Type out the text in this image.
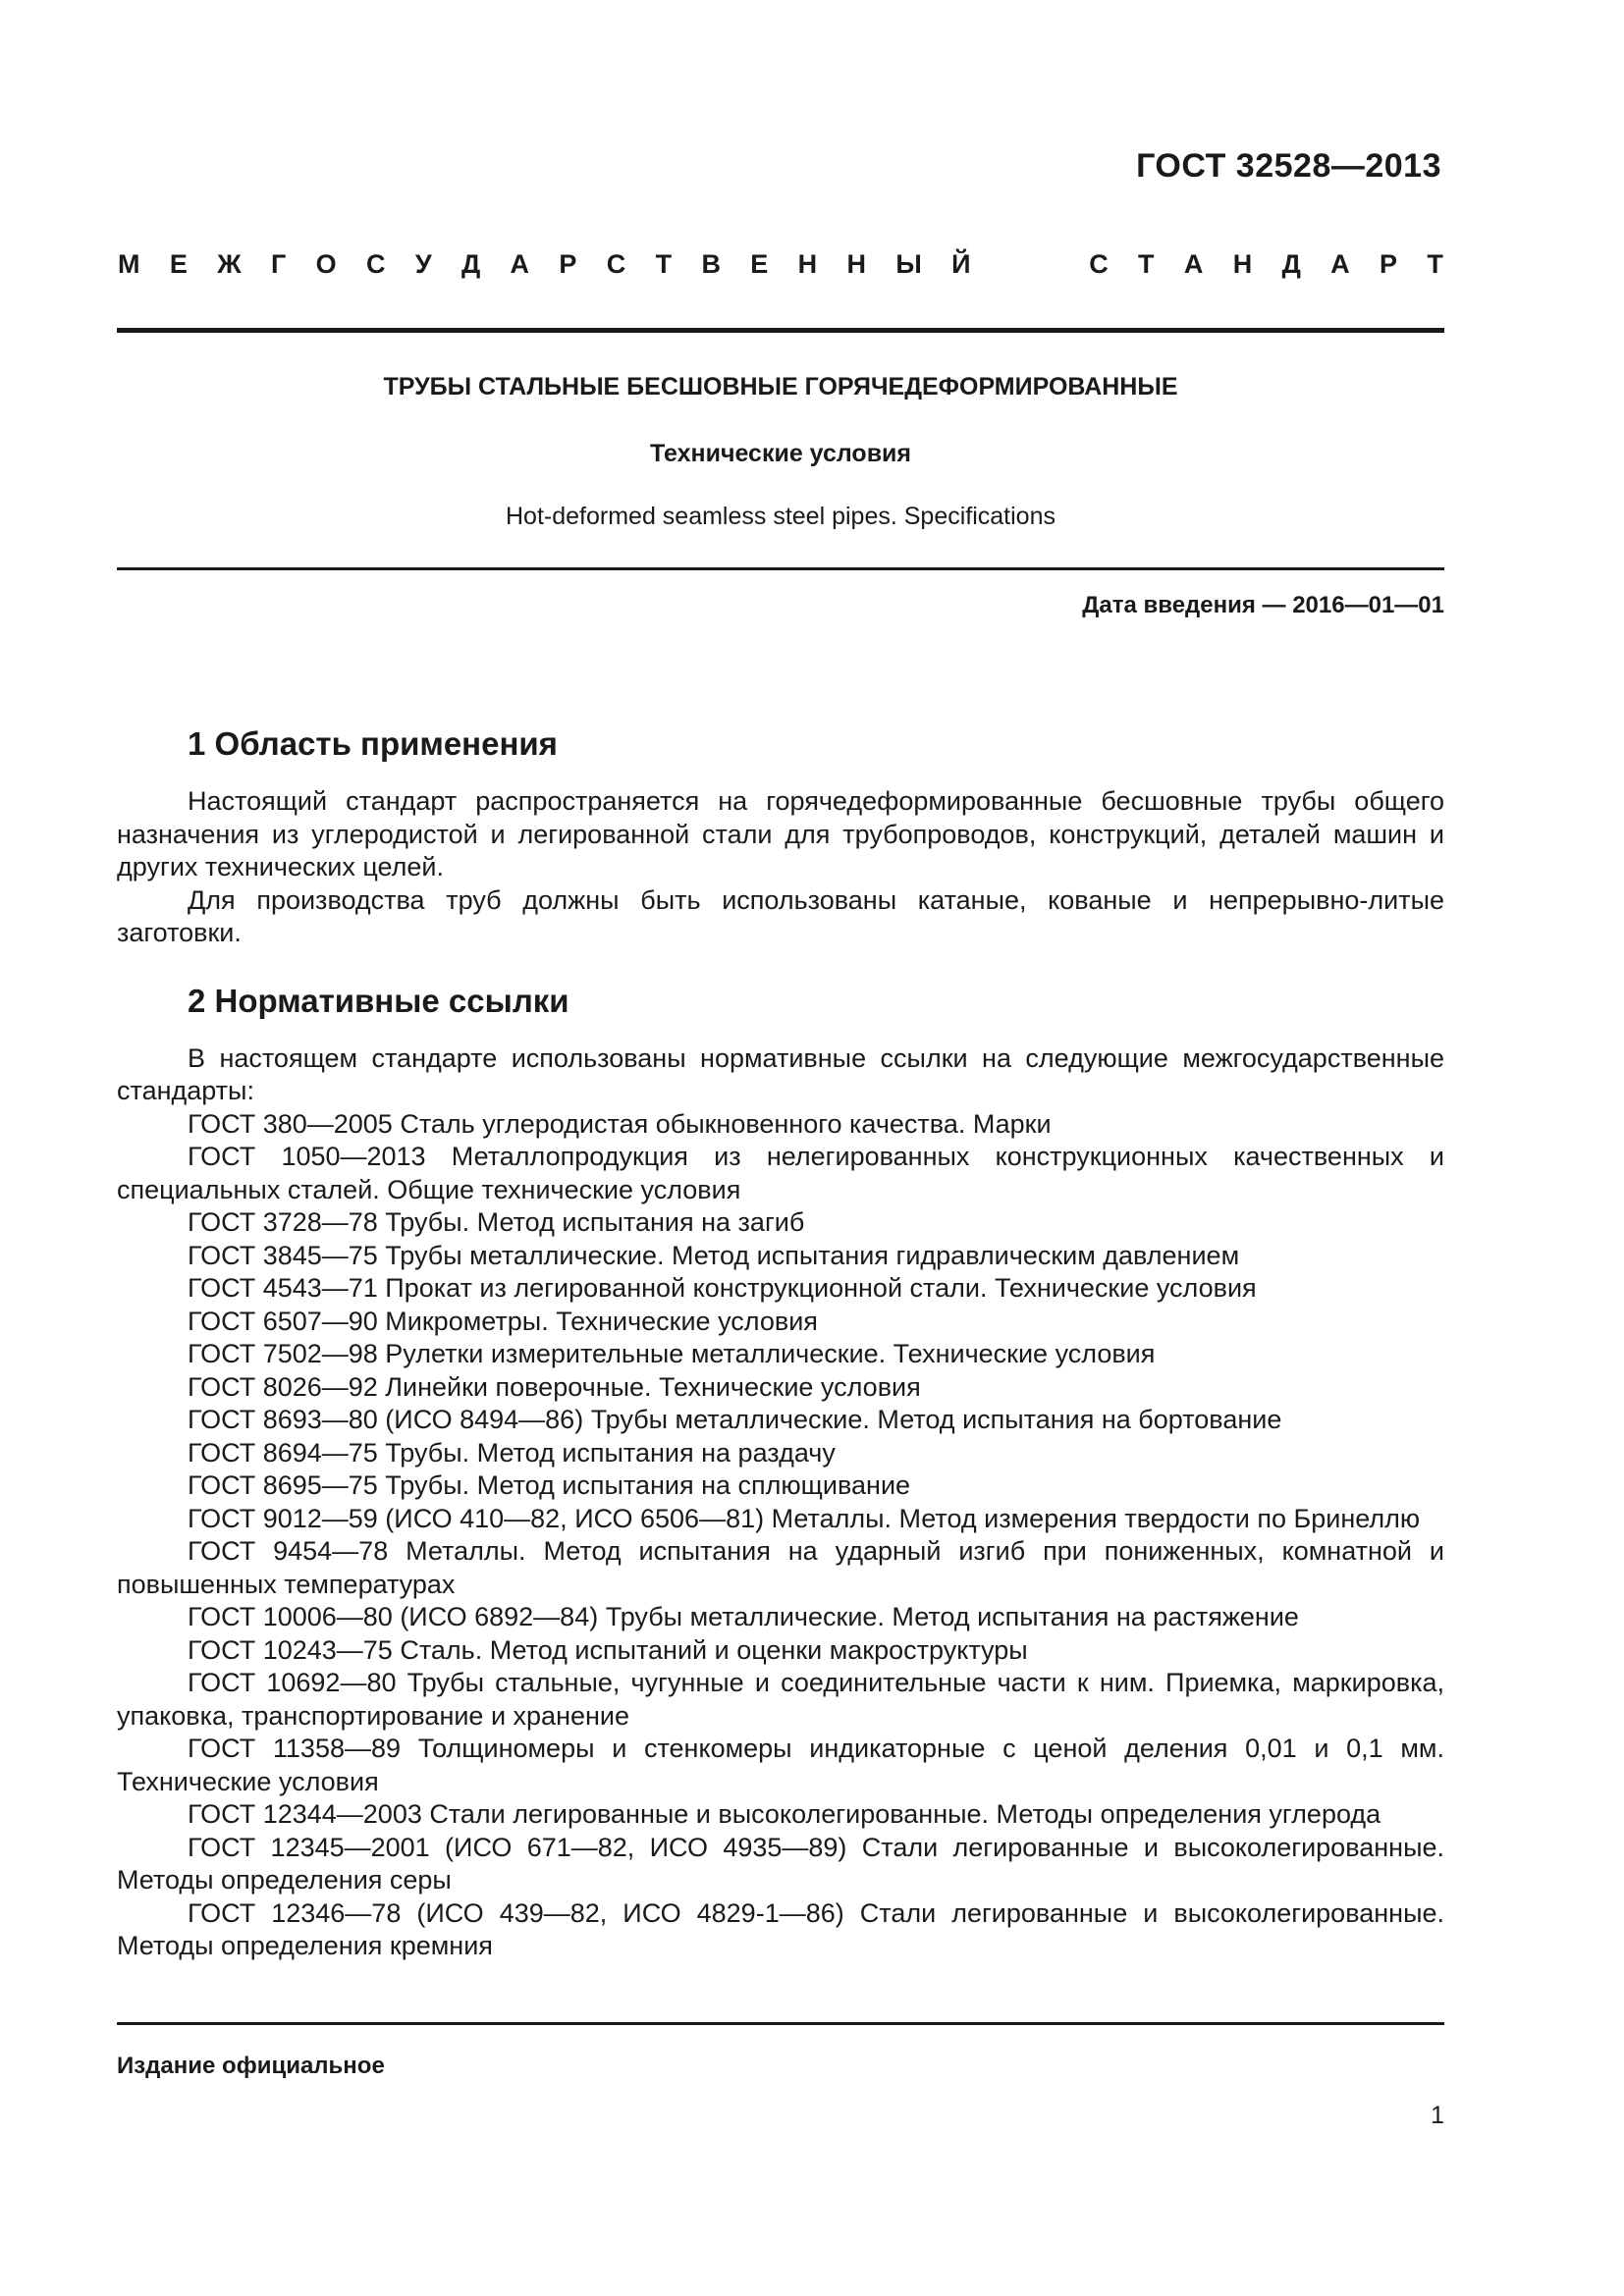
ГОСТ 32528—2013
М Е Ж Г О С У Д А Р С Т В Е Н Н Ы Й	С Т А Н Д А Р Т
ТРУБЫ СТАЛЬНЫЕ БЕСШОВНЫЕ ГОРЯЧЕДЕФОРМИРОВАННЫЕ
Технические условия
Hot-deformed seamless steel pipes. Specifications
Дата введения — 2016—01—01
1 Область применения

Настоящий стандарт распространяется на горячедеформированные бесшовные трубы общего назначения из углеродистой и легированной стали для трубопроводов, конструкций, деталей машин и других технических целей.

Для производства труб должны быть использованы катаные, кованые и непрерывно-литые заготовки.

2 Нормативные ссылки

В настоящем стандарте использованы нормативные ссылки на следующие межгосударственные стандарты:

ГОСТ 380—2005 Сталь углеродистая обыкновенного качества. Марки

ГОСТ 1050—2013 Металлопродукция из нелегированных конструкционных качественных и специальных сталей. Общие технические условия

ГОСТ 3728—78 Трубы. Метод испытания на загиб

ГОСТ 3845—75 Трубы металлические. Метод испытания гидравлическим давлением

ГОСТ 4543—71 Прокат из легированной конструкционной стали. Технические условия

ГОСТ 6507—90 Микрометры. Технические условия

ГОСТ 7502—98 Рулетки измерительные металлические. Технические условия

ГОСТ 8026—92 Линейки поверочные. Технические условия

ГОСТ 8693—80 (ИСО 8494—86) Трубы металлические. Метод испытания на бортование

ГОСТ 8694—75 Трубы. Метод испытания на раздачу

ГОСТ 8695—75 Трубы. Метод испытания на сплющивание

ГОСТ 9012—59 (ИСО 410—82, ИСО 6506—81) Металлы. Метод измерения твердости по Бринеллю

ГОСТ 9454—78 Металлы. Метод испытания на ударный изгиб при пониженных, комнатной и повышенных температурах

ГОСТ 10006—80 (ИСО 6892—84) Трубы металлические. Метод испытания на растяжение

ГОСТ 10243—75 Сталь. Метод испытаний и оценки макроструктуры

ГОСТ 10692—80 Трубы стальные, чугунные и соединительные части к ним. Приемка, маркировка, упаковка, транспортирование и хранение

ГОСТ 11358—89 Толщиномеры и стенкомеры индикаторные с ценой деления 0,01 и 0,1 мм. Технические условия

ГОСТ 12344—2003 Стали легированные и высоколегированные. Методы определения углерода

ГОСТ 12345—2001 (ИСО 671—82, ИСО 4935—89) Стали легированные и высоколегированные. Методы определения серы

ГОСТ 12346—78 (ИСО 439—82, ИСО 4829-1—86) Стали легированные и высоколегированные. Методы определения кремния

Издание официальное
1
